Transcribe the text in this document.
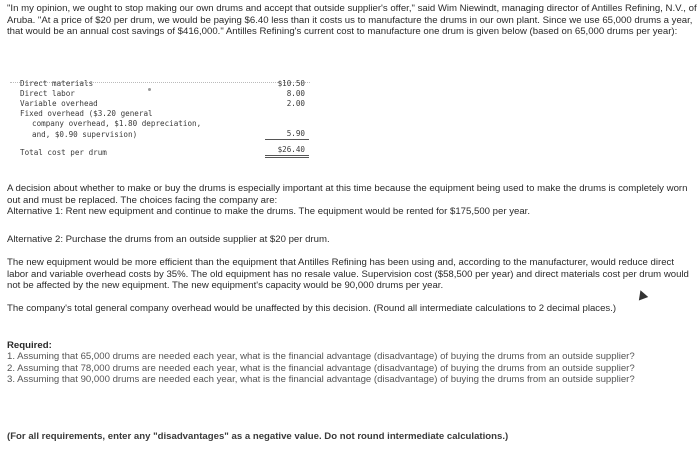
"In my opinion, we ought to stop making our own drums and accept that outside supplier's offer," said Wim Niewindt, managing director of Antilles Refining, N.V., of Aruba. "At a price of $20 per drum, we would be paying $6.40 less than it costs us to manufacture the drums in our own plant. Since we use 65,000 drums a year, that would be an annual cost savings of $416,000." Antilles Refining's current cost to manufacture one drum is given below (based on 65,000 drums per year):

Direct materials	$10.50
Direct labor	8.00
Variable overhead	2.00
Fixed overhead ($3.20 general
company overhead, $1.80 depreciation,
and, $0.90 supervision)	5.90
Total cost per drum	$26.40

A decision about whether to make or buy the drums is especially important at this time because the equipment being used to make the drums is completely worn out and must be replaced. The choices facing the company are:
Alternative 1: Rent new equipment and continue to make the drums. The equipment would be rented for $175,500 per year.

Alternative 2: Purchase the drums from an outside supplier at $20 per drum.

The new equipment would be more efficient than the equipment that Antilles Refining has been using and, according to the manufacturer, would reduce direct labor and variable overhead costs by 35%. The old equipment has no resale value. Supervision cost ($58,500 per year) and direct materials cost per drum would not be affected by the new equipment. The new equipment's capacity would be 90,000 drums per year.

The company's total general company overhead would be unaffected by this decision. (Round all intermediate calculations to 2 decimal places.)

Required:

1. Assuming that 65,000 drums are needed each year, what is the financial advantage (disadvantage) of buying the drums from an outside supplier?
2. Assuming that 78,000 drums are needed each year, what is the financial advantage (disadvantage) of buying the drums from an outside supplier?
3. Assuming that 90,000 drums are needed each year, what is the financial advantage (disadvantage) of buying the drums from an outside supplier?

(For all requirements, enter any "disadvantages" as a negative value. Do not round intermediate calculations.)
